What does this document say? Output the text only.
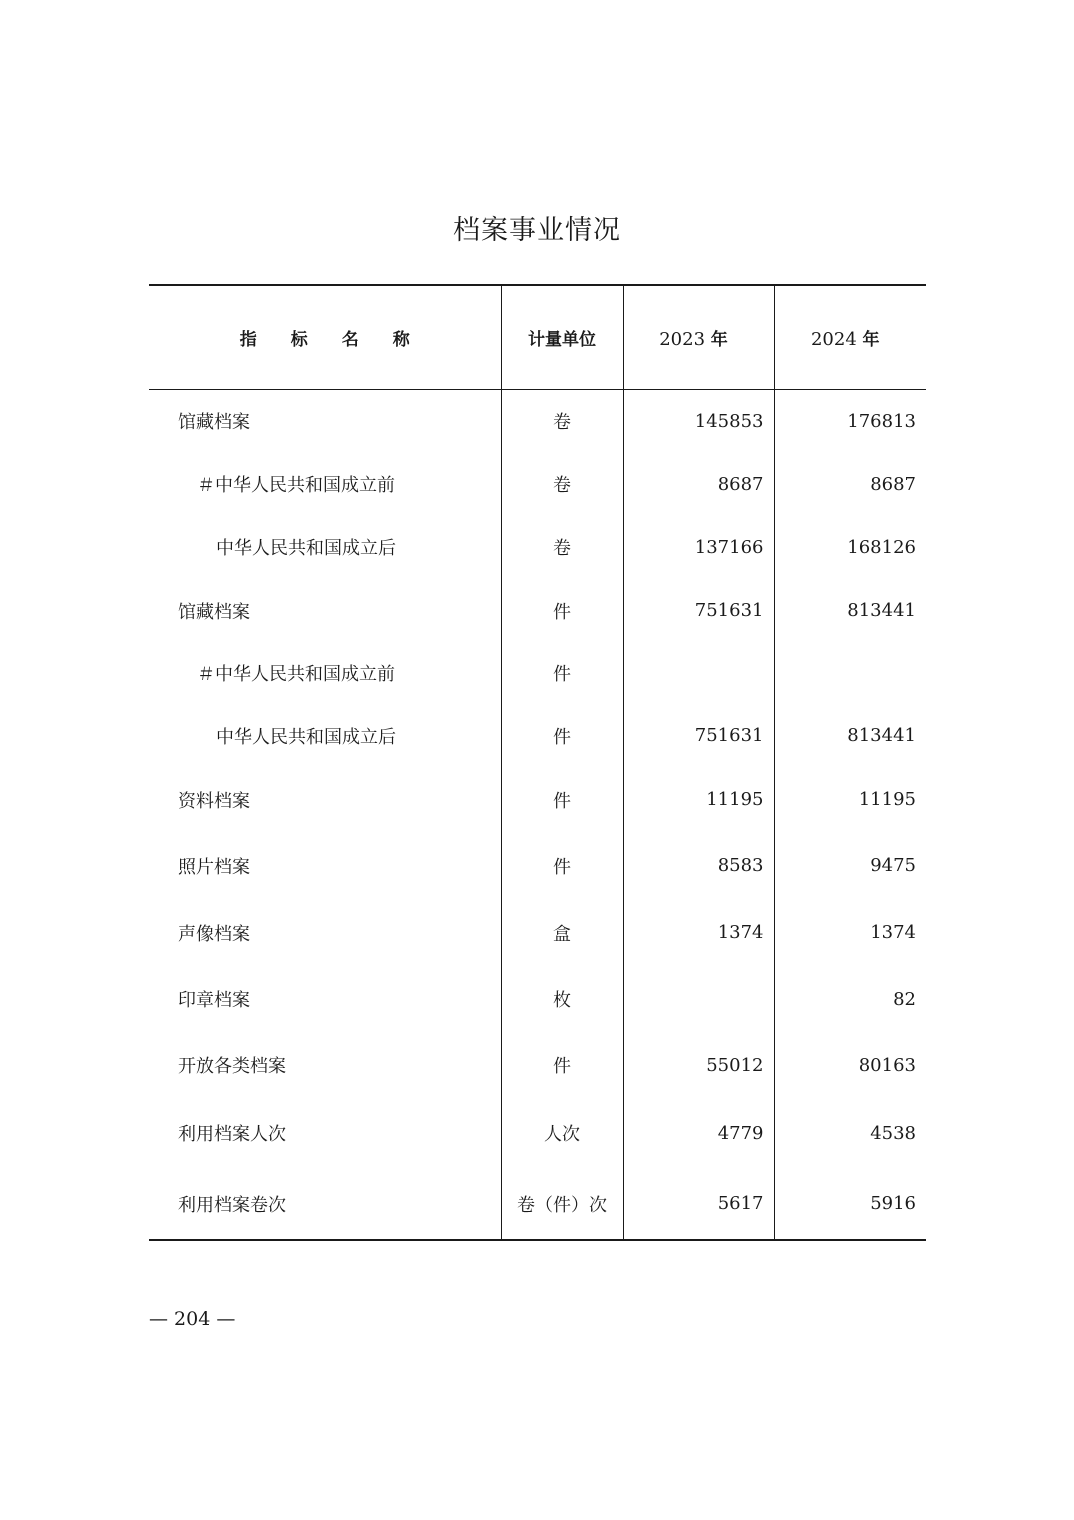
档案事业情况
指标名称	计量单位	2023 年	2024 年
馆藏档案	卷	145853	176813
＃中华人民共和国成立前	卷	8687	8687
中华人民共和国成立后	卷	137166	168126
馆藏档案	件	751631	813441
＃中华人民共和国成立前	件		
中华人民共和国成立后	件	751631	813441
资料档案	件	11195	11195
照片档案	件	8583	9475
声像档案	盒	1374	1374
印章档案	枚		82
开放各类档案	件	55012	80163
利用档案人次	人次	4779	4538
利用档案卷次	卷（件）次	5617	5916
— 204 —
